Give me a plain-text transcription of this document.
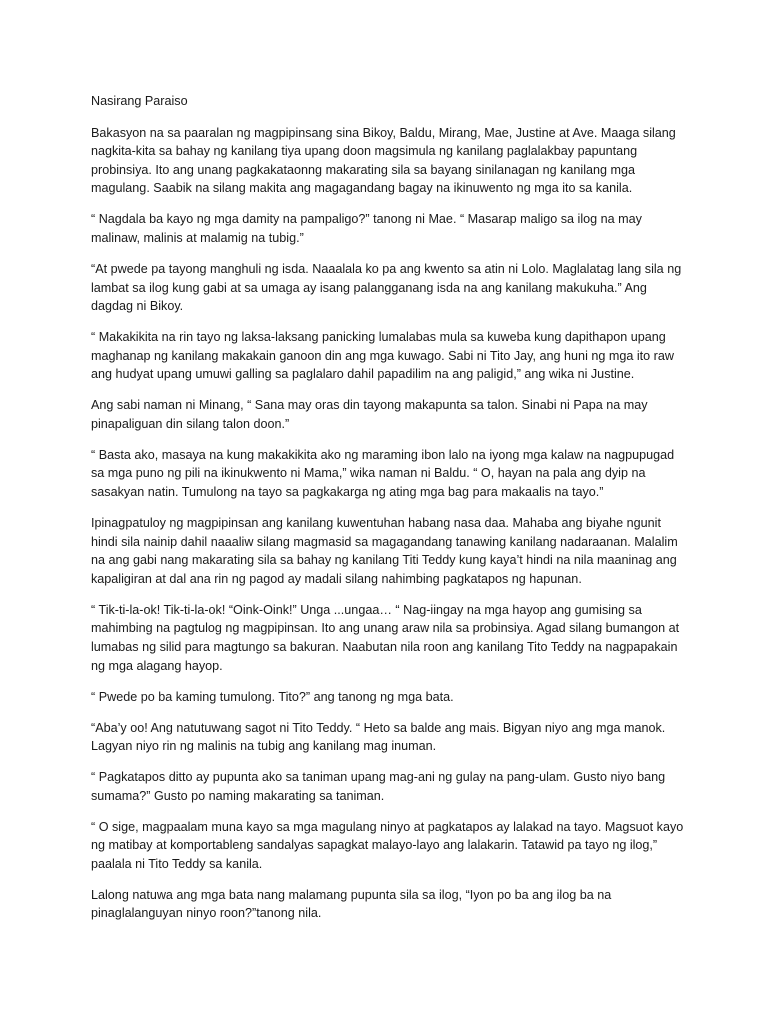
Nasirang Paraiso

Bakasyon na sa paaralan ng magpipinsang sina Bikoy, Baldu, Mirang, Mae, Justine at Ave. Maaga silang nagkita-kita sa bahay ng kanilang tiya upang doon magsimula ng kanilang paglalakbay papuntang probinsiya. Ito ang unang pagkakataonng makarating sila sa bayang sinilanagan ng kanilang mga magulang. Saabik na silang makita ang magagandang bagay na ikinuwento ng mga ito sa kanila.

“ Nagdala ba kayo ng mga damity na pampaligo?” tanong ni Mae. “ Masarap maligo sa ilog na may malinaw, malinis at malamig na tubig.”

“At pwede pa tayong manghuli ng isda. Naaalala ko pa ang kwento sa atin ni Lolo. Maglalatag lang sila ng lambat sa ilog kung gabi at sa umaga ay isang palangganang isda na ang kanilang makukuha.” Ang dagdag ni Bikoy.

“ Makakikita na rin tayo ng laksa-laksang panicking lumalabas mula sa kuweba kung dapithapon upang maghanap ng kanilang makakain ganoon din ang mga kuwago. Sabi ni Tito Jay, ang huni ng mga ito raw ang hudyat upang umuwi galling sa paglalaro dahil papadilim na ang paligid,” ang wika ni Justine.

Ang sabi naman ni Minang, “ Sana may oras din tayong makapunta sa talon. Sinabi ni Papa na may pinapaliguan din silang talon doon.”

“ Basta ako, masaya na kung makakikita ako ng maraming ibon lalo na iyong mga kalaw na nagpupugad sa mga puno ng pili na ikinukwento ni Mama,” wika naman ni Baldu. “ O, hayan na pala ang dyip na sasakyan natin. Tumulong na tayo sa pagkakarga ng ating mga bag para makaalis na tayo.”

Ipinagpatuloy ng magpipinsan ang kanilang kuwentuhan habang nasa daa. Mahaba ang biyahe ngunit hindi sila nainip dahil naaaliw silang magmasid sa magagandang tanawing kanilang nadaraanan. Malalim na ang gabi nang makarating sila sa bahay ng kanilang Titi Teddy kung kaya’t hindi na nila maaninag ang kapaligiran at dal ana rin ng pagod ay madali silang nahimbing pagkatapos ng hapunan.

“ Tik-ti-la-ok! Tik-ti-la-ok! “Oink-Oink!” Unga ...ungaa… “ Nag-iingay na mga hayop ang gumising sa mahimbing na pagtulog ng magpipinsan. Ito ang unang araw nila sa probinsiya. Agad silang bumangon at lumabas ng silid para magtungo sa bakuran. Naabutan nila roon ang kanilang Tito Teddy na nagpapakain ng mga alagang hayop.

“ Pwede po ba kaming tumulong. Tito?” ang tanong ng mga bata.

“Aba’y oo! Ang natutuwang sagot ni Tito Teddy. “ Heto sa balde ang mais. Bigyan niyo ang mga manok. Lagyan niyo rin ng malinis na tubig ang kanilang mag inuman.

“ Pagkatapos ditto ay pupunta ako sa taniman upang mag-ani ng gulay na pang-ulam. Gusto niyo bang sumama?” Gusto po naming makarating sa taniman.

“ O sige, magpaalam muna kayo sa mga magulang ninyo at pagkatapos ay lalakad na tayo. Magsuot kayo ng matibay at komportableng sandalyas sapagkat malayo-layo ang lalakarin. Tatawid pa tayo ng ilog,” paalala ni Tito Teddy sa kanila.

Lalong natuwa ang mga bata nang malamang pupunta sila sa ilog, “Iyon po ba ang ilog ba na pinaglalanguyan ninyo roon?”tanong nila.
